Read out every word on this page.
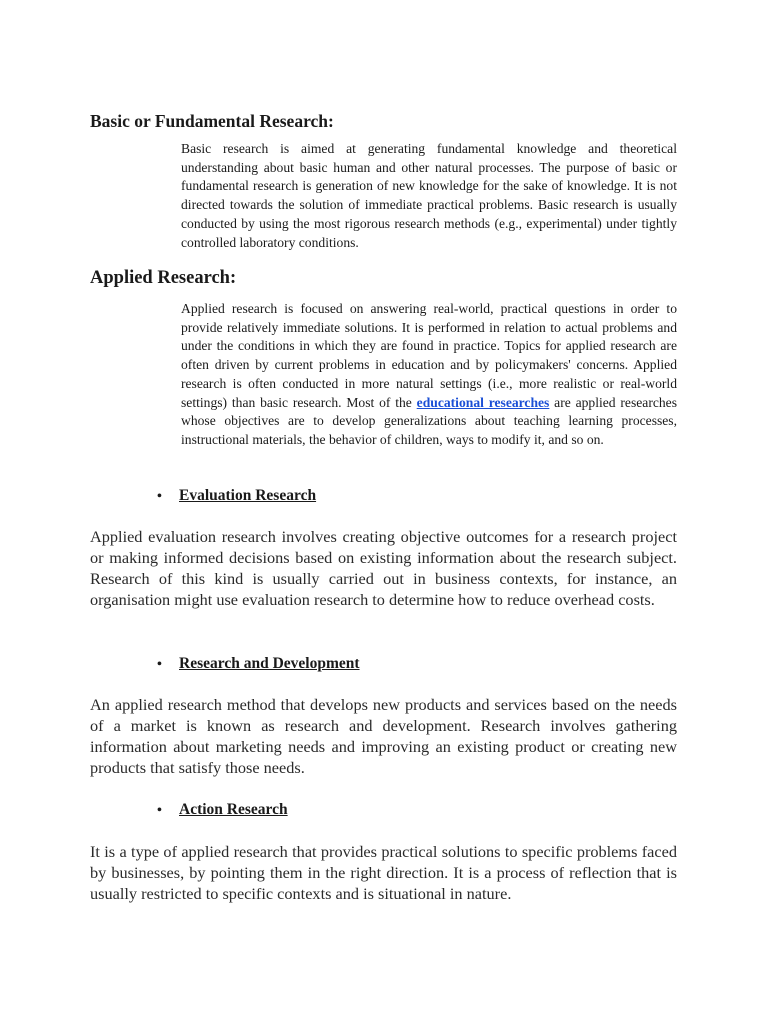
Basic or Fundamental Research:

Basic research is aimed at generating fundamental knowledge and theoretical understanding about basic human and other natural processes. The purpose of basic or fundamental research is generation of new knowledge for the sake of knowledge. It is not directed towards the solution of immediate practical problems. Basic research is usually conducted by using the most rigorous research methods (e.g., experimental) under tightly controlled laboratory conditions.

Applied Research:

Applied research is focused on answering real-world, practical questions in order to provide relatively immediate solutions. It is performed in relation to actual problems and under the conditions in which they are found in practice. Topics for applied research are often driven by current problems in education and by policymakers' concerns. Applied research is often conducted in more natural settings (i.e., more realistic or real-world settings) than basic research. Most of the educational researches are applied researches whose objectives are to develop generalizations about teaching learning processes, instructional materials, the behavior of children, ways to modify it, and so on.

• Evaluation Research

Applied evaluation research involves creating objective outcomes for a research project or making informed decisions based on existing information about the research subject. Research of this kind is usually carried out in business contexts, for instance, an organisation might use evaluation research to determine how to reduce overhead costs.

• Research and Development

An applied research method that develops new products and services based on the needs of a market is known as research and development. Research involves gathering information about marketing needs and improving an existing product or creating new products that satisfy those needs.

• Action Research

It is a type of applied research that provides practical solutions to specific problems faced by businesses, by pointing them in the right direction. It is a process of reflection that is usually restricted to specific contexts and is situational in nature.
